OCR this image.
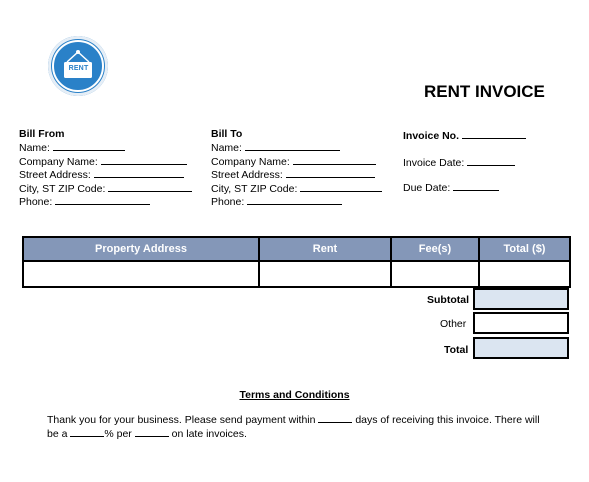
RENT
RENT INVOICE
Bill From
Name:
Company Name:
Street Address:
City, ST ZIP Code:
Phone:
Bill To
Name:
Company Name:
Street Address:
City, ST ZIP Code:
Phone:
Invoice No.
Invoice Date:
Due Date:
Property Address	Rent	Fee(s)	Total ($)

Subtotal
Other
Total
Terms and Conditions
Thank you for your business. Please send payment within	days of receiving this invoice. There will be a	% per	on late invoices.
